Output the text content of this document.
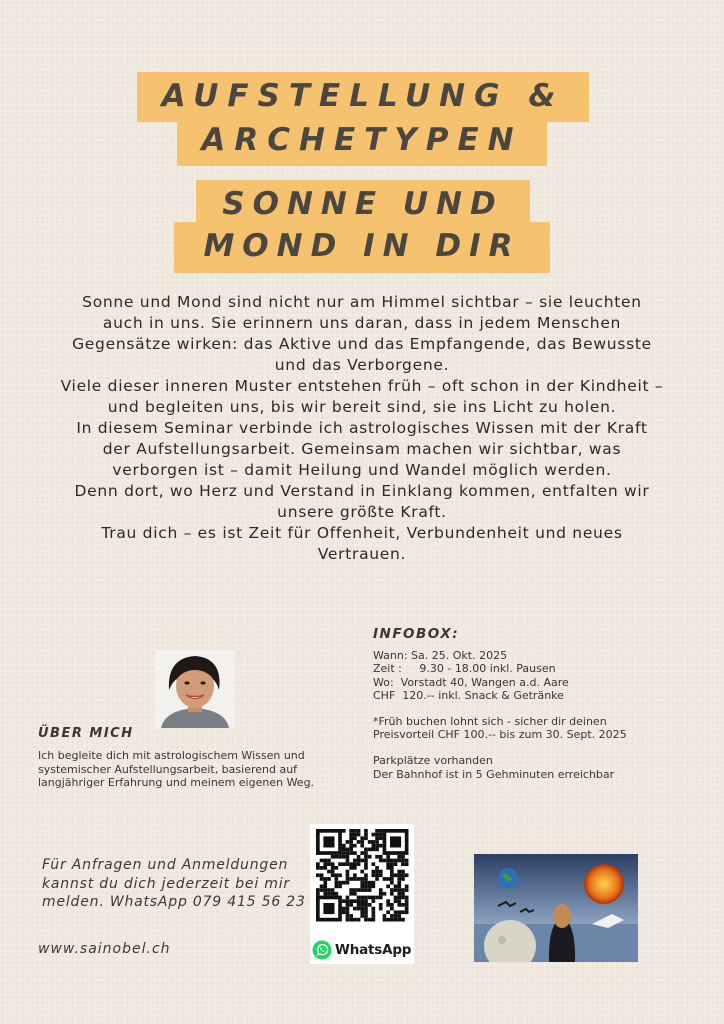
AUFSTELLUNG &
ARCHETYPEN
SONNE UND
MOND IN DIR

Sonne und Mond sind nicht nur am Himmel sichtbar – sie leuchten auch in uns. Sie erinnern uns daran, dass in jedem Menschen Gegensätze wirken: das Aktive und das Empfangende, das Bewusste und das Verborgene.

Viele dieser inneren Muster entstehen früh – oft schon in der Kindheit – und begleiten uns, bis wir bereit sind, sie ins Licht zu holen.

In diesem Seminar verbinde ich astrologisches Wissen mit der Kraft der Aufstellungsarbeit. Gemeinsam machen wir sichtbar, was verborgen ist – damit Heilung und Wandel möglich werden.

Denn dort, wo Herz und Verstand in Einklang kommen, entfalten wir unsere größte Kraft.

Trau dich – es ist Zeit für Offenheit, Verbundenheit und neues Vertrauen.

INFOBOX:
Wann: Sa. 25. Okt. 2025
Zeit :     9.30 - 18.00 inkl. Pausen
Wo:  Vorstadt 40, Wangen a.d. Aare
CHF  120.-- inkl. Snack & Getränke
*Früh buchen lohnt sich - sicher dir deinen
Preisvorteil CHF 100.-- bis zum 30. Sept. 2025
Parkplätze vorhanden
Der Bahnhof ist in 5 Gehminuten erreichbar
ÜBER MICH
Ich begleite dich mit astrologischem Wissen und systemischer Aufstellungsarbeit, basierend auf langjähriger Erfahrung und meinem eigenen Weg.
Für Anfragen und Anmeldungen kannst du dich jederzeit bei mir melden. WhatsApp 079 415 56 23
www.sainobel.ch	WhatsApp
